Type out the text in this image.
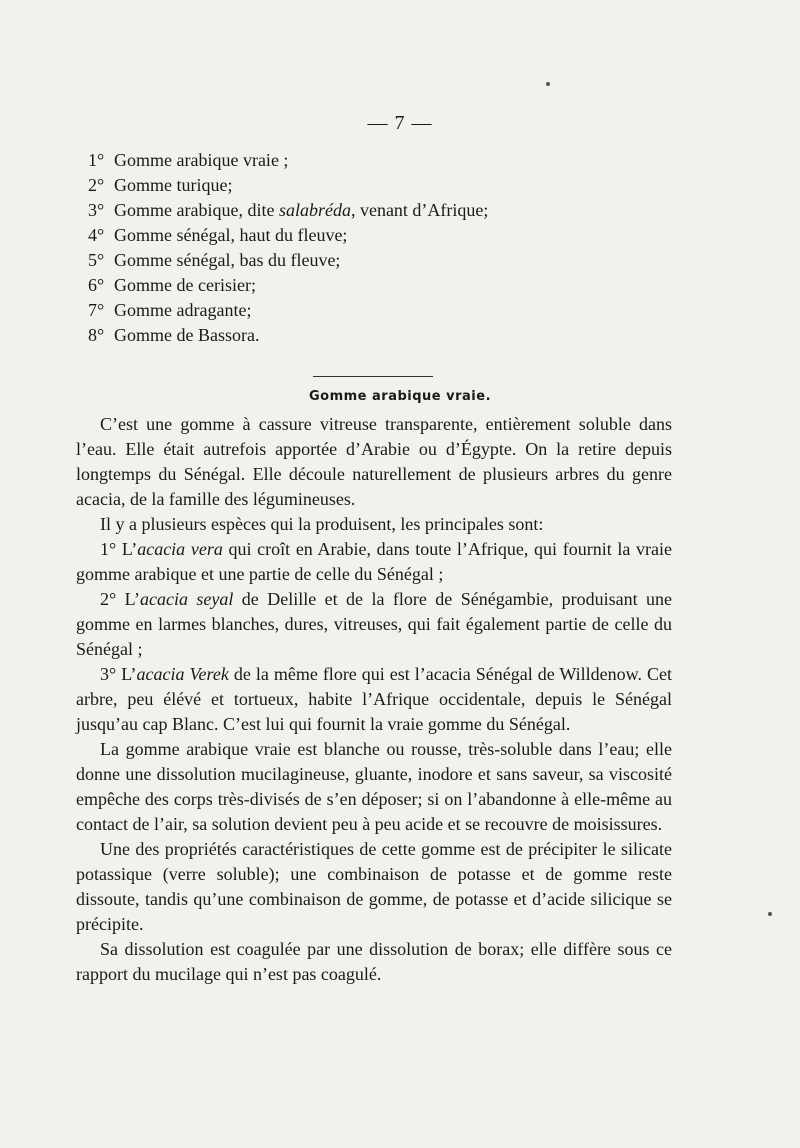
— 7 —
1° Gomme arabique vraie ;
2° Gomme turique;
3° Gomme arabique, dite salabréda, venant d’Afrique;
4° Gomme sénégal, haut du fleuve;
5° Gomme sénégal, bas du fleuve;
6° Gomme de cerisier;
7° Gomme adragante;
8° Gomme de Bassora.
Gomme arabique vraie.

C’est une gomme à cassure vitreuse transparente, entièrement soluble dans l’eau. Elle était autrefois apportée d’Arabie ou d’Égypte. On la retire depuis longtemps du Sénégal. Elle découle naturellement de plusieurs arbres du genre acacia, de la famille des légumineuses.

Il y a plusieurs espèces qui la produisent, les principales sont:

1° L’acacia vera qui croît en Arabie, dans toute l’Afrique, qui fournit la vraie gomme arabique et une partie de celle du Sénégal ;

2° L’acacia seyal de Delille et de la flore de Sénégambie, produisant une gomme en larmes blanches, dures, vitreuses, qui fait également partie de celle du Sénégal ;

3° L’acacia Verek de la même flore qui est l’acacia Sénégal de Willdenow. Cet arbre, peu élévé et tortueux, habite l’Afrique occidentale, depuis le Sénégal jusqu’au cap Blanc. C’est lui qui fournit la vraie gomme du Sénégal.

La gomme arabique vraie est blanche ou rousse, très-soluble dans l’eau; elle donne une dissolution mucilagineuse, gluante, inodore et sans saveur, sa viscosité empêche des corps très-divisés de s’en déposer; si on l’abandonne à elle-même au contact de l’air, sa solution devient peu à peu acide et se recouvre de moisissures.

Une des propriétés caractéristiques de cette gomme est de précipiter le silicate potassique (verre soluble); une combinaison de potasse et de gomme reste dissoute, tandis qu’une combinaison de gomme, de potasse et d’acide silicique se précipite.

Sa dissolution est coagulée par une dissolution de borax; elle diffère sous ce rapport du mucilage qui n’est pas coagulé.
